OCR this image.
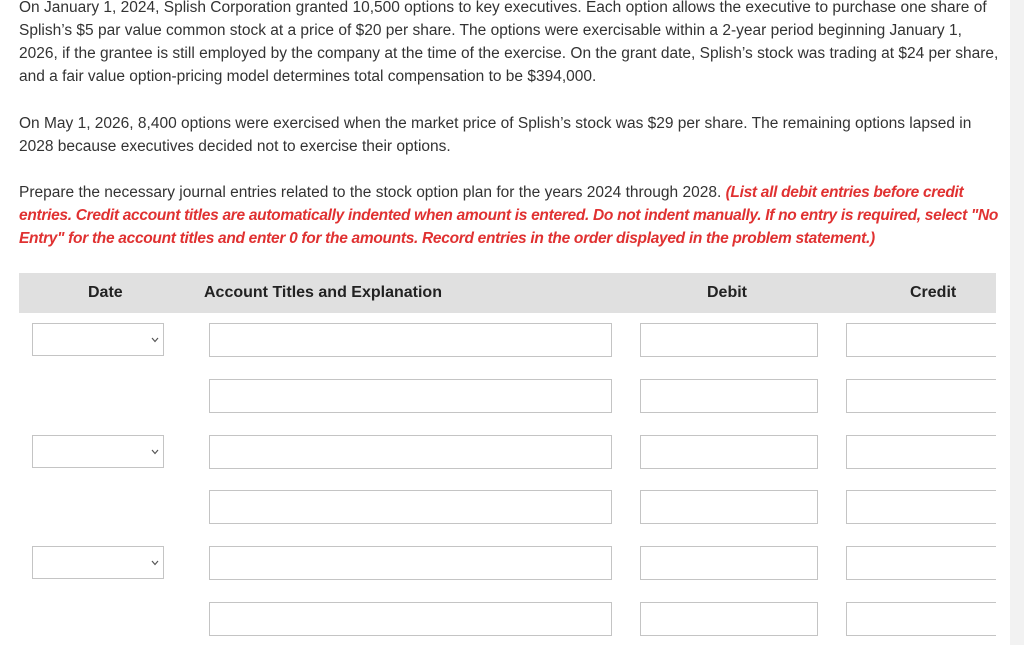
On January 1, 2024, Splish Corporation granted 10,500 options to key executives. Each option allows the executive to purchase one share of Splish’s $5 par value common stock at a price of $20 per share. The options were exercisable within a 2-year period beginning January 1, 2026, if the grantee is still employed by the company at the time of the exercise. On the grant date, Splish’s stock was trading at $24 per share, and a fair value option-pricing model determines total compensation to be $394,000.

On May 1, 2026, 8,400 options were exercised when the market price of Splish’s stock was $29 per share. The remaining options lapsed in 2028 because executives decided not to exercise their options.

Prepare the necessary journal entries related to the stock option plan for the years 2024 through 2028. (List all debit entries before credit entries. Credit account titles are automatically indented when amount is entered. Do not indent manually. If no entry is required, select "No Entry" for the account titles and enter 0 for the amounts. Record entries in the order displayed in the problem statement.)

Date	Account Titles and Explanation	Debit	Credit
